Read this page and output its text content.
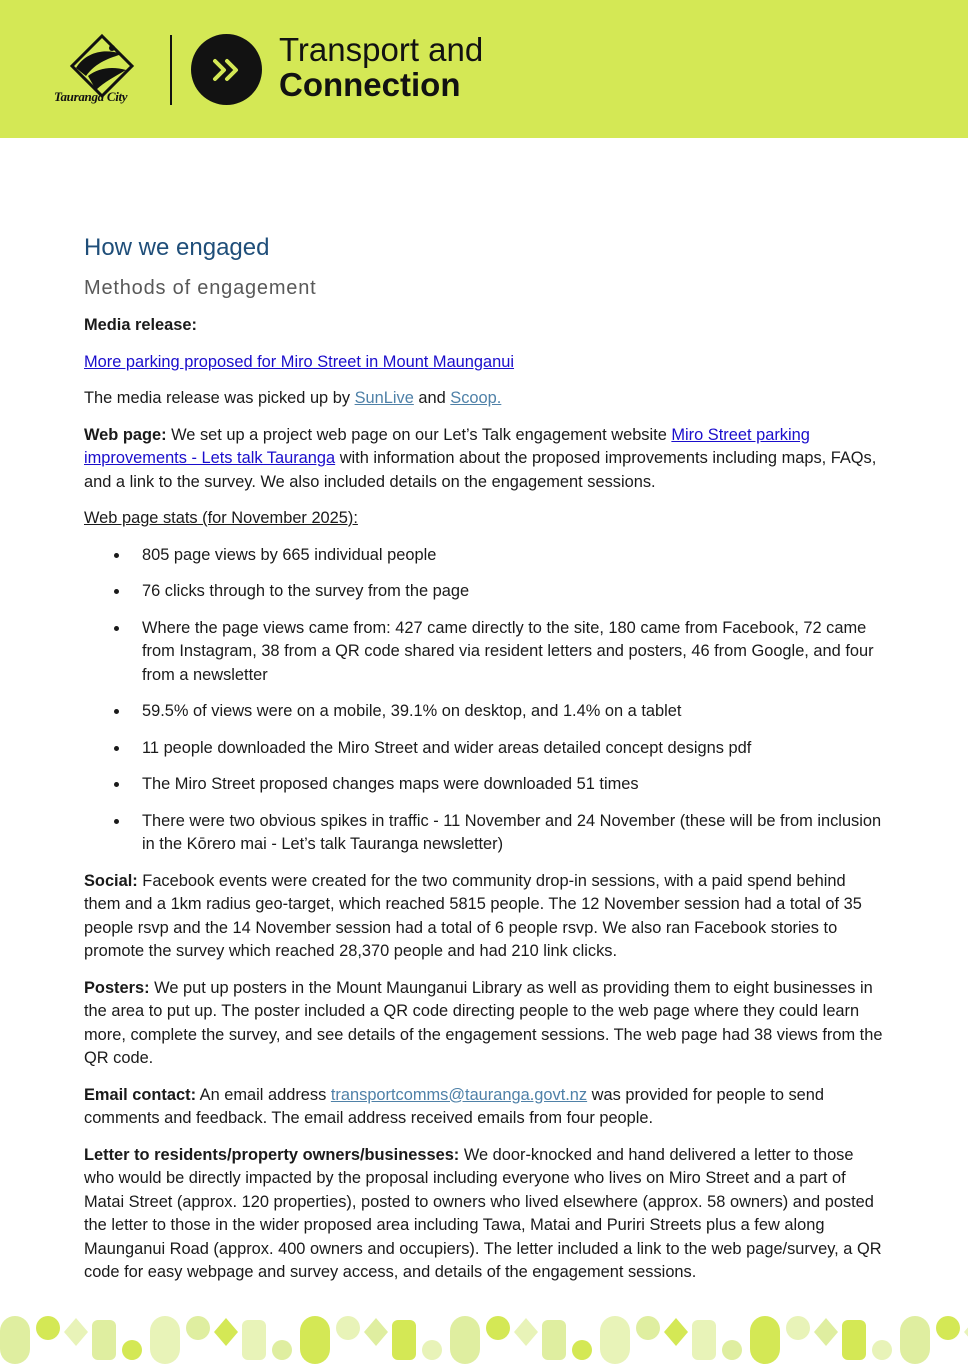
Tauranga City
Transport and
Connection
How we engaged
Methods of engagement

Media release:

More parking proposed for Miro Street in Mount Maunganui

The media release was picked up by SunLive and Scoop.

Web page: We set up a project web page on our Let’s Talk engagement website Miro Street parking improvements - Lets talk Tauranga with information about the proposed improvements including maps, FAQs, and a link to the survey. We also included details on the engagement sessions.

Web page stats (for November 2025):

805 page views by 665 individual people
76 clicks through to the survey from the page
Where the page views came from: 427 came directly to the site, 180 came from Facebook, 72 came from Instagram, 38 from a QR code shared via resident letters and posters, 46 from Google, and four from a newsletter
59.5% of views were on a mobile, 39.1% on desktop, and 1.4% on a tablet
11 people downloaded the Miro Street and wider areas detailed concept designs pdf
The Miro Street proposed changes maps were downloaded 51 times
There were two obvious spikes in traffic - 11 November and 24 November (these will be from inclusion in the Kōrero mai - Let’s talk Tauranga newsletter)

Social: Facebook events were created for the two community drop-in sessions, with a paid spend behind them and a 1km radius geo-target, which reached 5815 people. The 12 November session had a total of 35 people rsvp and the 14 November session had a total of 6 people rsvp. We also ran Facebook stories to promote the survey which reached 28,370 people and had 210 link clicks.

Posters: We put up posters in the Mount Maunganui Library as well as providing them to eight businesses in the area to put up. The poster included a QR code directing people to the web page where they could learn more, complete the survey, and see details of the engagement sessions. The web page had 38 views from the QR code.

Email contact: An email address transportcomms@tauranga.govt.nz was provided for people to send comments and feedback. The email address received emails from four people.

Letter to residents/property owners/businesses: We door-knocked and hand delivered a letter to those who would be directly impacted by the proposal including everyone who lives on Miro Street and a part of Matai Street (approx. 120 properties), posted to owners who lived elsewhere (approx. 58 owners) and posted the letter to those in the wider proposed area including Tawa, Matai and Puriri Streets plus a few along Maunganui Road (approx. 400 owners and occupiers). The letter included a link to the web page/survey, a QR code for easy webpage and survey access, and details of the engagement sessions.
